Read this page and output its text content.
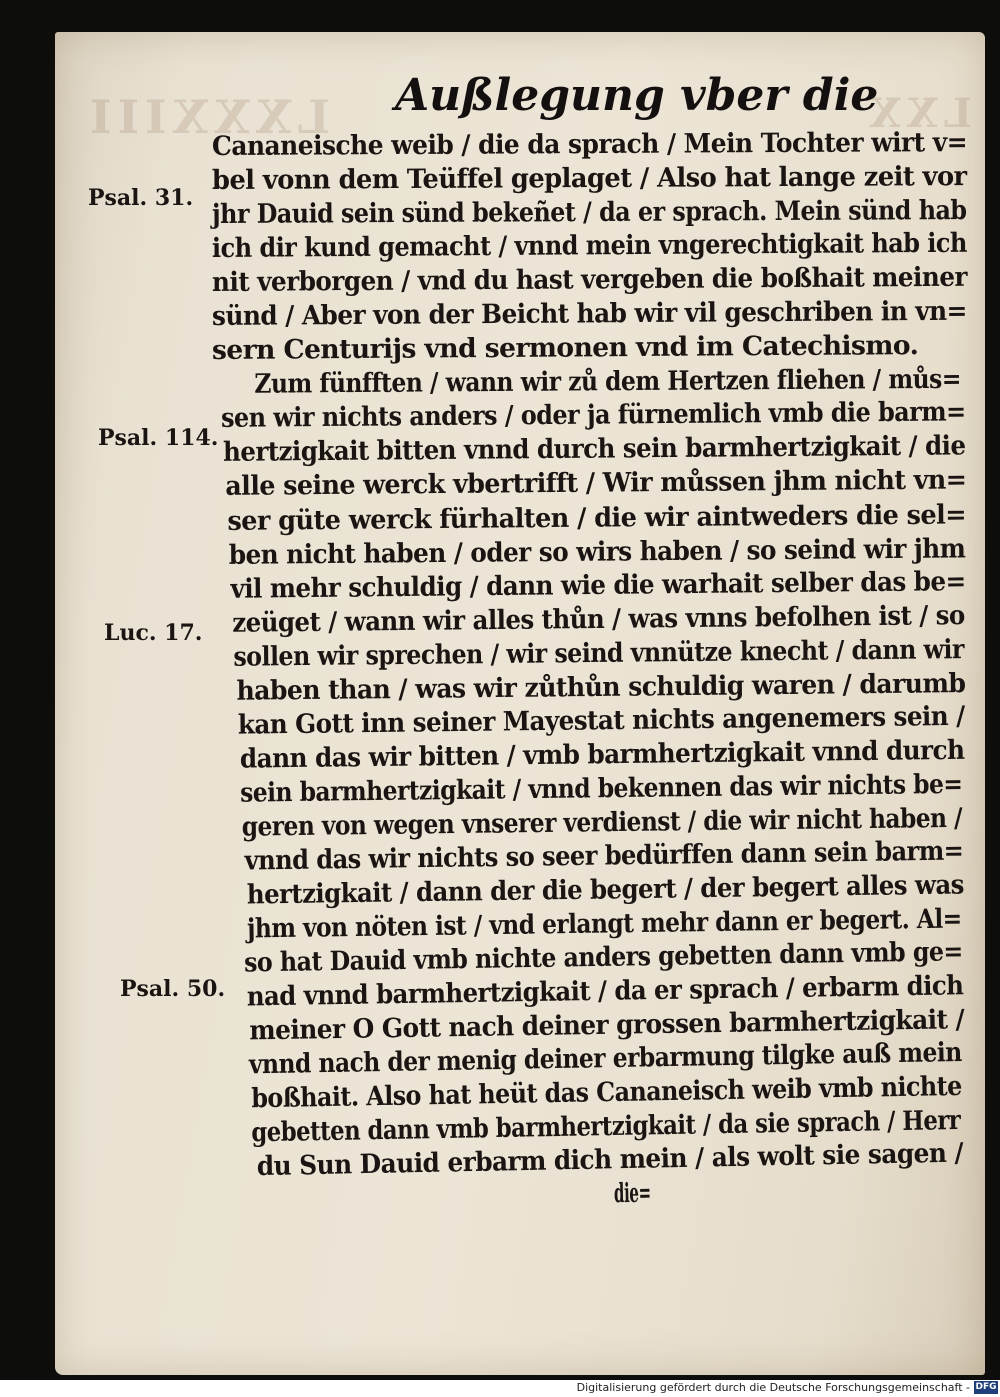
LXXXIII	LXX
Außlegung vber die
Psal. 31.
Psal. 114.
Luc. 17.
Psal. 50.
Cananeische weib / die da sprach / Mein Tochter wirt v=
bel vonn dem Teüffel geplaget / Also hat lange zeit vor
jhr Dauid sein sünd bekeñet / da er sprach. Mein sünd hab
ich dir kund gemacht / vnnd mein vngerechtigkait hab ich
nit verborgen / vnd du hast vergeben die boßhait meiner
sünd / Aber von der Beicht hab wir vil geschriben in vn=
sern Centurijs vnd sermonen vnd im Catechismo.
Zum fünfften / wann wir zů dem Hertzen fliehen / můs=
sen wir nichts anders / oder ja fürnemlich vmb die barm=
hertzigkait bitten vnnd durch sein barmhertzigkait / die
alle seine werck vbertrifft / Wir můssen jhm nicht vn=
ser güte werck fürhalten / die wir aintweders die sel=
ben nicht haben / oder so wirs haben / so seind wir jhm
vil mehr schuldig / dann wie die warhait selber das be=
zeüget / wann wir alles thůn / was vnns befolhen ist / so
sollen wir sprechen / wir seind vnnütze knecht / dann wir
haben than / was wir zůthůn schuldig waren / darumb
kan Gott inn seiner Mayestat nichts angenemers sein /
dann das wir bitten / vmb barmhertzigkait vnnd durch
sein barmhertzigkait / vnnd bekennen das wir nichts be=
geren von wegen vnserer verdienst / die wir nicht haben /
vnnd das wir nichts so seer bedürffen dann sein barm=
hertzigkait / dann der die begert / der begert alles was
jhm von nöten ist / vnd erlangt mehr dann er begert. Al=
so hat Dauid vmb nichte anders gebetten dann vmb ge=
nad vnnd barmhertzigkait / da er sprach / erbarm dich
meiner O Gott nach deiner grossen barmhertzigkait /
vnnd nach der menig deiner erbarmung tilgke auß mein
boßhait. Also hat heüt das Cananeisch weib vmb nichte
gebetten dann vmb barmhertzigkait / da sie sprach / Herr
du Sun Dauid erbarm dich mein / als wolt sie sagen /
die=
Digitalisierung gefördert durch die Deutsche Forschungsgemeinschaft - DFG
